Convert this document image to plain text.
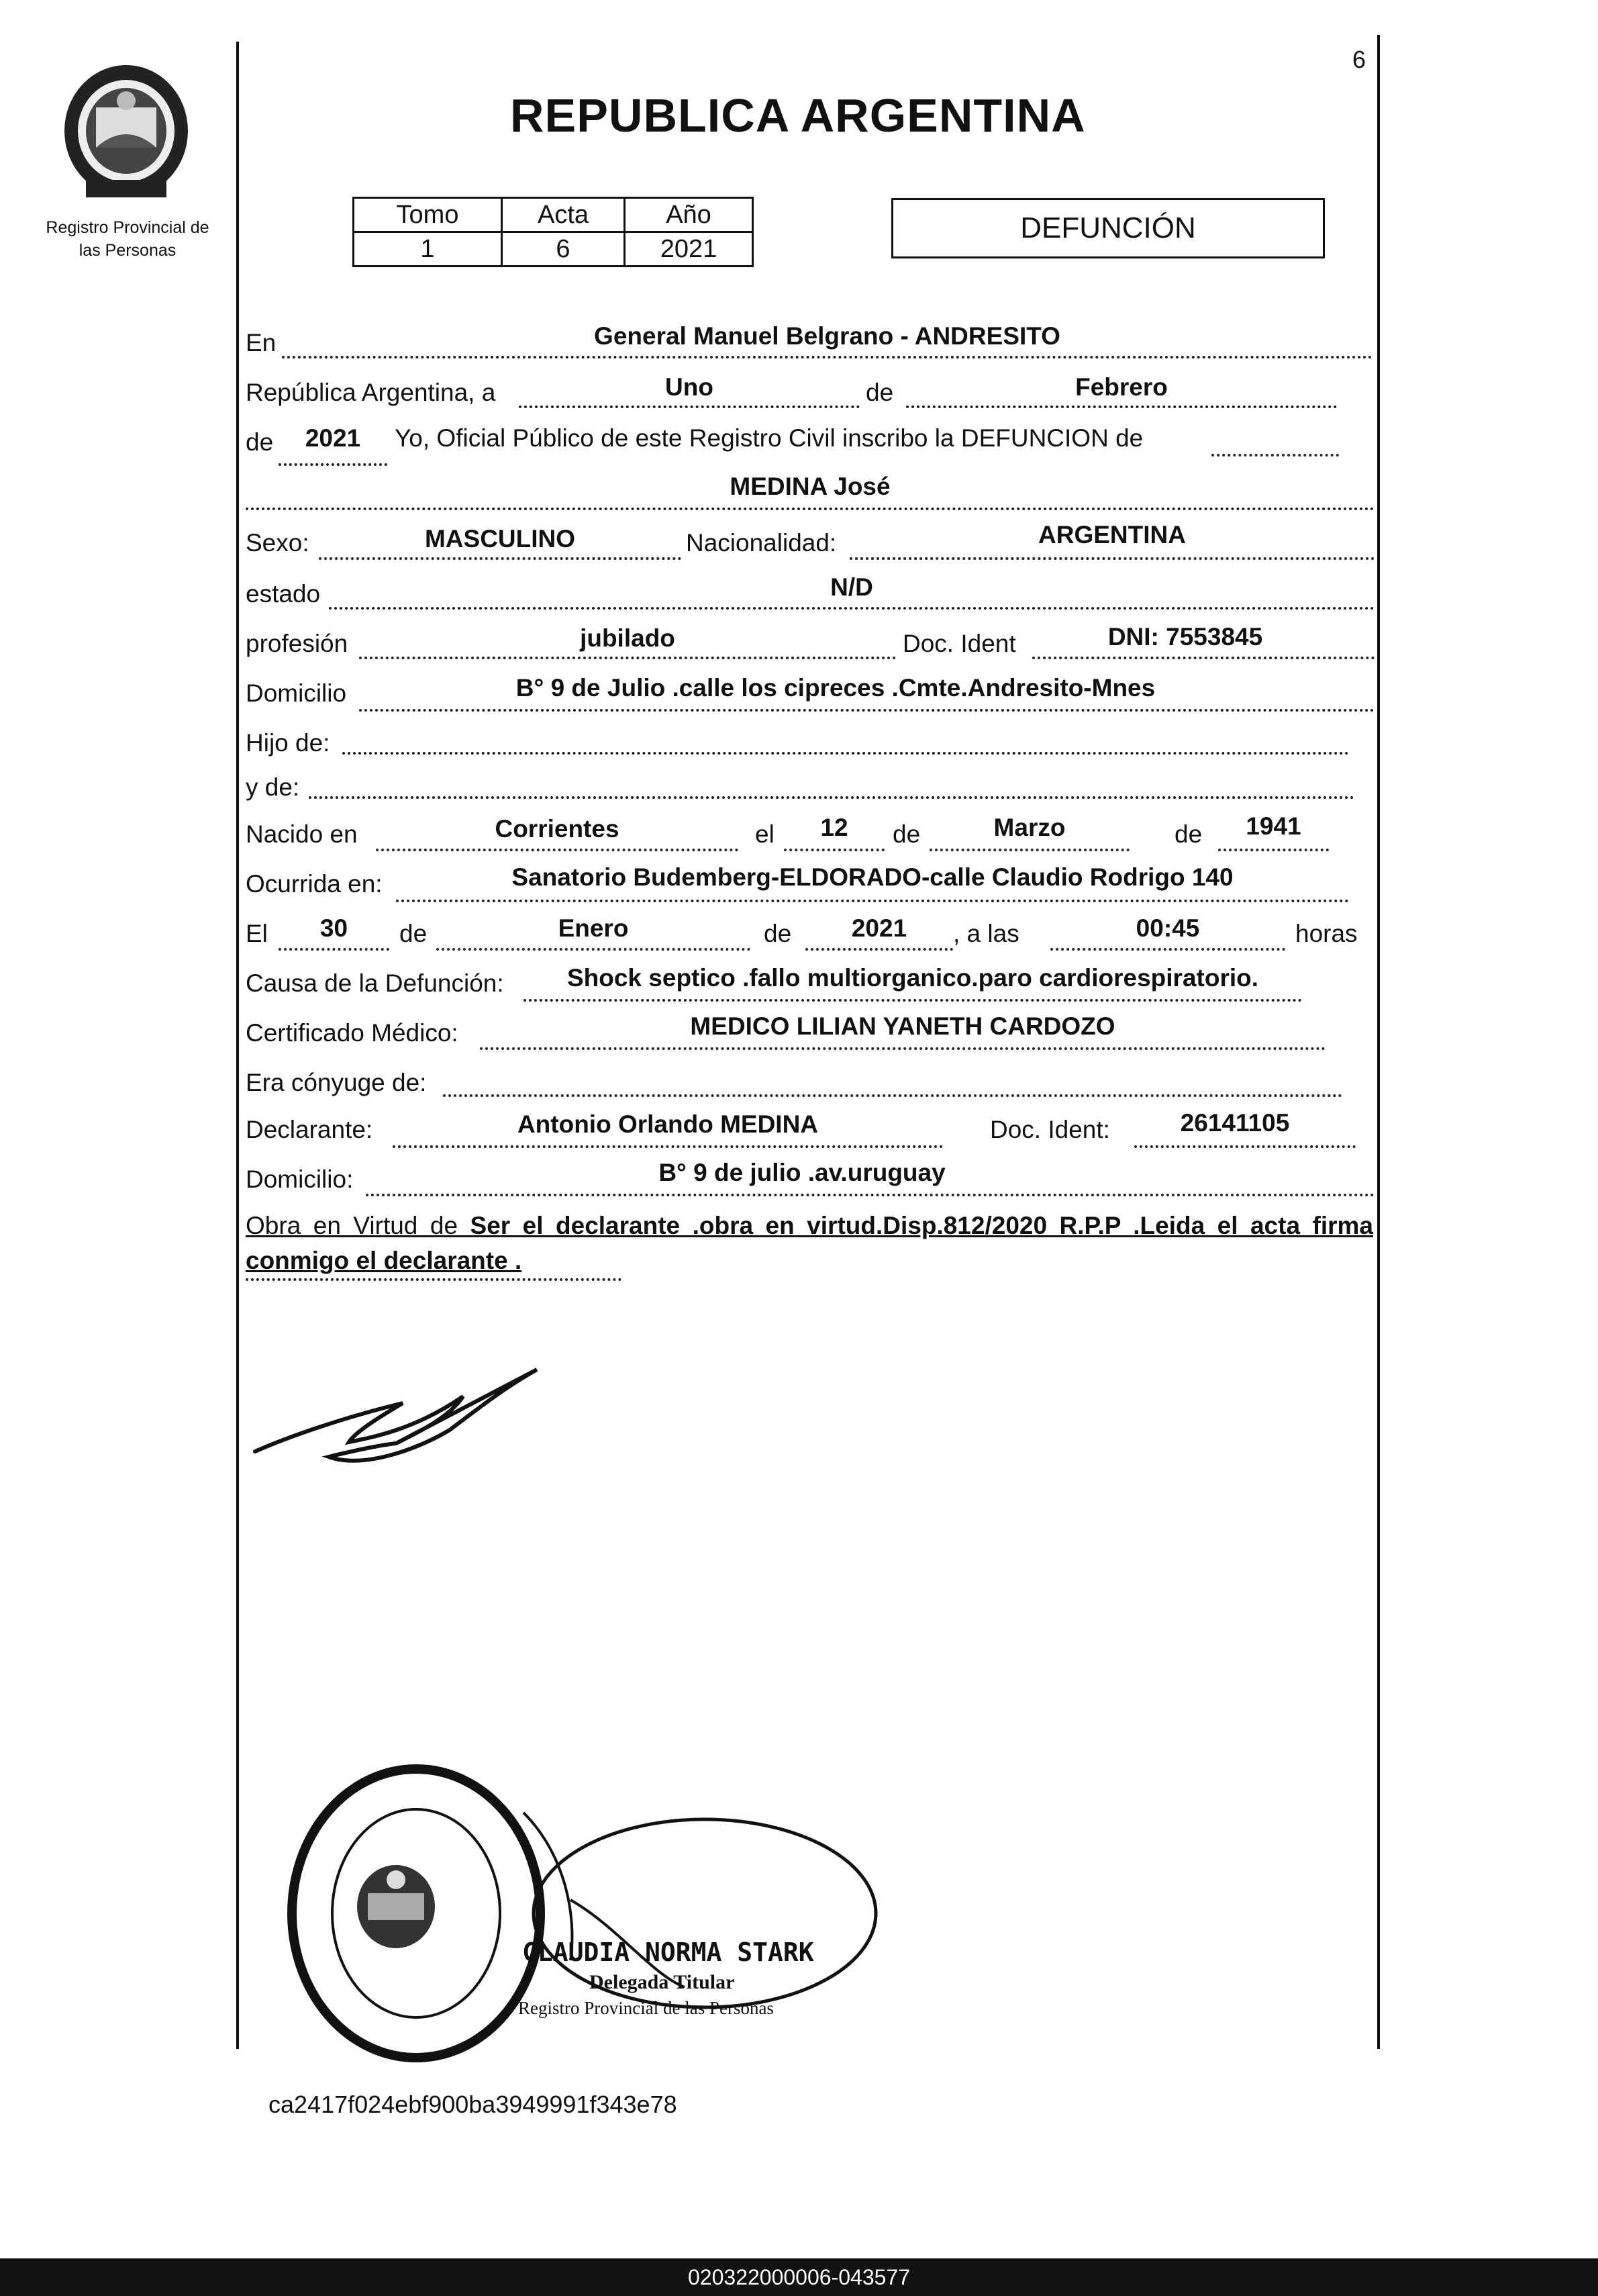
Registro Provincial de
las Personas
6
REPUBLICA ARGENTINA
Tomo	Acta	Año
1	6	2021
DEFUNCIÓN
En	General Manuel Belgrano - ANDRESITO
República Argentina, a	Uno	de	Febrero
de	2021	Yo, Oficial Público de este Registro Civil inscribo la DEFUNCION de
MEDINA José
Sexo:	MASCULINO	Nacionalidad:	ARGENTINA
estado	N/D
profesión	jubilado	Doc. Ident	DNI: 7553845
Domicilio	B° 9 de Julio .calle los cipreces .Cmte.Andresito-Mnes
Hijo de:
y de:
Nacido en	Corrientes	el	12	de	Marzo	de	1941
Ocurrida en:	Sanatorio Budemberg-ELDORADO-calle Claudio Rodrigo 140
El	30	de	Enero	de	2021	, a las	00:45	horas
Causa de la Defunción:	Shock septico .fallo multiorganico.paro cardiorespiratorio.
Certificado Médico:	MEDICO LILIAN YANETH CARDOZO
Era cónyuge de:
Declarante:	Antonio Orlando MEDINA	Doc. Ident:	26141105
Domicilio:	B° 9 de julio .av.uruguay
Obra en Virtud de Ser el declarante .obra en virtud.Disp.812/2020 R.P.P .Leida el acta firma conmigo el declarante .
CLAUDIA NORMA STARK
Delegada Titular
Registro Provincial de las Personas
ca2417f024ebf900ba3949991f343e78
020322000006-043577
